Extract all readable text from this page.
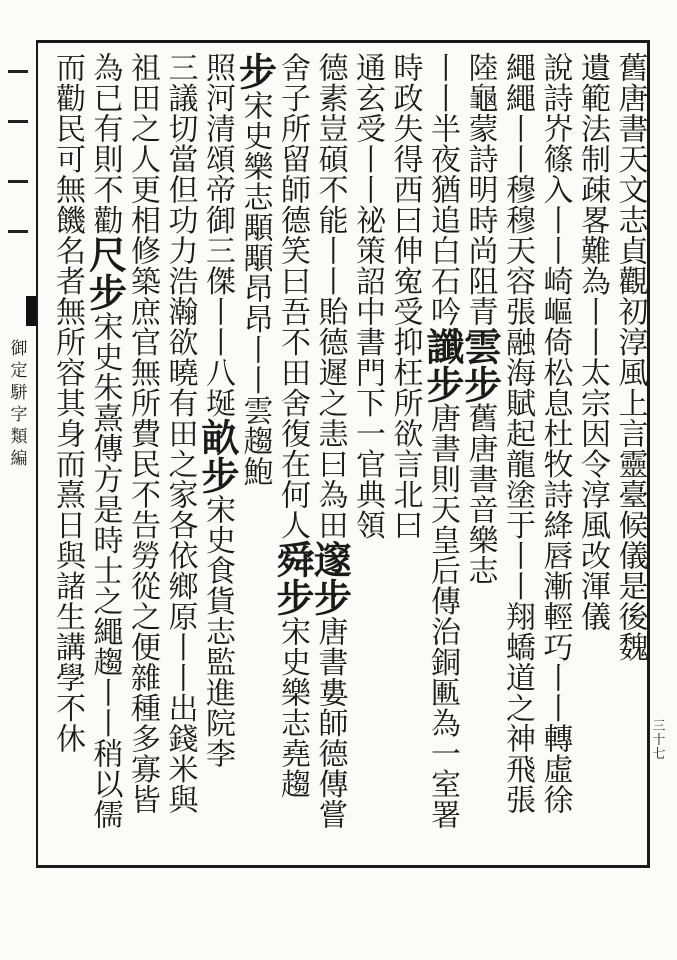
御定駢字類編
三十七
舊唐書天文志貞觀初淳風上言靈臺候儀是後魏
遺範法制疎畧難為丨丨太宗因令淳風改渾儀
說詩岕篠入丨丨崎嶇倚松息杜牧詩絳唇漸輕巧丨丨轉虛徐
繩繩丨丨穆穆天容張融海賦起龍塗于丨丨翔蟜道之神飛張
陸龜蒙詩明時尚阻青雲步舊唐書音樂志
丨丨半夜猶追白石吟讖步唐書則天皇后傳治銅匭為一室署
時政失得西曰伸寃受抑枉所欲言北曰
通玄受丨丨祕策詔中書門下一官典領
德素豈碩不能丨丨貽德遲之恚曰為田邃步唐書婁師德傳嘗
舍子所留師德笑曰吾不田舍復在何人舜步宋史樂志堯趨
步宋史樂志顒顒昂昂丨丨雲趨鮑
照河清頌帝御三傑丨丨八埏畝步宋史食貨志監進院李
三議切當但功力浩瀚欲曉有田之家各依鄉原丨丨出錢米與
祖田之人更相修築庶官無所費民不告勞從之便雜種多寡皆
為已有則不勸尺步宋史朱熹傳方是時士之繩趨丨丨稍以儒
而勸民可無饑名者無所容其身而熹日與諸生講學不休
